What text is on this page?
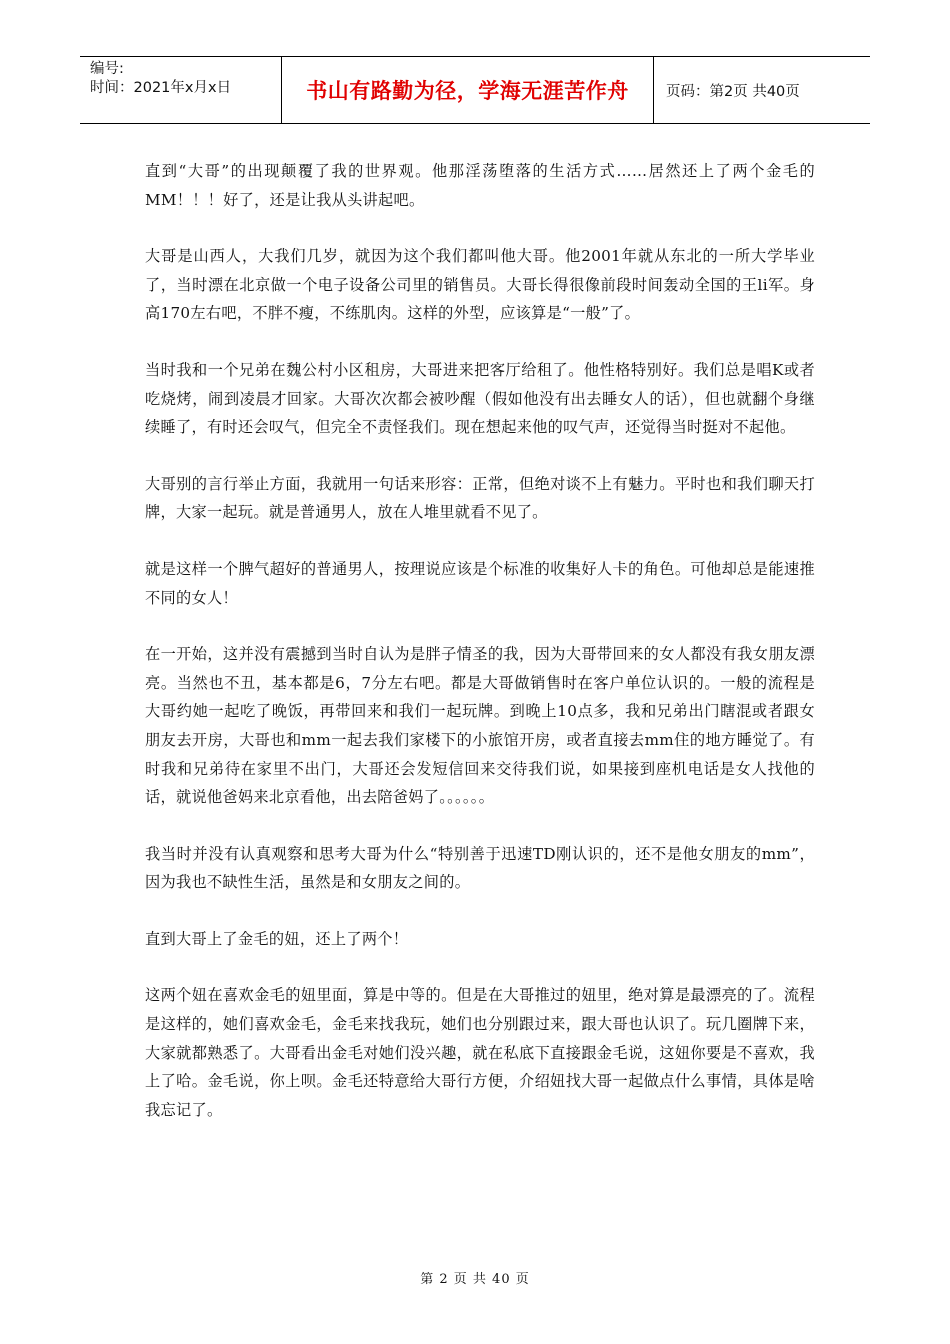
编号:
时间：2021年x月x日	书山有路勤为径，学海无涯苦作舟	页码：第2页 共40页

直到“大哥”的出现颠覆了我的世界观。他那淫荡堕落的生活方式……居然还上了两个金毛的MM！！！好了，还是让我从头讲起吧。

大哥是山西人，大我们几岁，就因为这个我们都叫他大哥。他2001年就从东北的一所大学毕业了，当时漂在北京做一个电子设备公司里的销售员。大哥长得很像前段时间轰动全国的王li军。身高170左右吧，不胖不瘦，不练肌肉。这样的外型，应该算是“一般”了。

当时我和一个兄弟在魏公村小区租房，大哥进来把客厅给租了。他性格特别好。我们总是唱K或者吃烧烤，闹到凌晨才回家。大哥次次都会被吵醒（假如他没有出去睡女人的话），但也就翻个身继续睡了，有时还会叹气，但完全不责怪我们。现在想起来他的叹气声，还觉得当时挺对不起他。

大哥别的言行举止方面，我就用一句话来形容：正常，但绝对谈不上有魅力。平时也和我们聊天打牌，大家一起玩。就是普通男人，放在人堆里就看不见了。

就是这样一个脾气超好的普通男人，按理说应该是个标准的收集好人卡的角色。可他却总是能速推不同的女人！

在一开始，这并没有震撼到当时自认为是胖子情圣的我，因为大哥带回来的女人都没有我女朋友漂亮。当然也不丑，基本都是6，7分左右吧。都是大哥做销售时在客户单位认识的。一般的流程是大哥约她一起吃了晚饭，再带回来和我们一起玩牌。到晚上10点多，我和兄弟出门瞎混或者跟女朋友去开房，大哥也和mm一起去我们家楼下的小旅馆开房，或者直接去mm住的地方睡觉了。有时我和兄弟待在家里不出门，大哥还会发短信回来交待我们说，如果接到座机电话是女人找他的话，就说他爸妈来北京看他，出去陪爸妈了。。。。。。

我当时并没有认真观察和思考大哥为什么“特别善于迅速TD刚认识的，还不是他女朋友的mm”，因为我也不缺性生活，虽然是和女朋友之间的。

直到大哥上了金毛的妞，还上了两个！

这两个妞在喜欢金毛的妞里面，算是中等的。但是在大哥推过的妞里，绝对算是最漂亮的了。流程是这样的，她们喜欢金毛，金毛来找我玩，她们也分别跟过来，跟大哥也认识了。玩几圈牌下来，大家就都熟悉了。大哥看出金毛对她们没兴趣，就在私底下直接跟金毛说，这妞你要是不喜欢，我上了哈。金毛说，你上呗。金毛还特意给大哥行方便，介绍妞找大哥一起做点什么事情，具体是啥我忘记了。

第 2 页 共 40 页
